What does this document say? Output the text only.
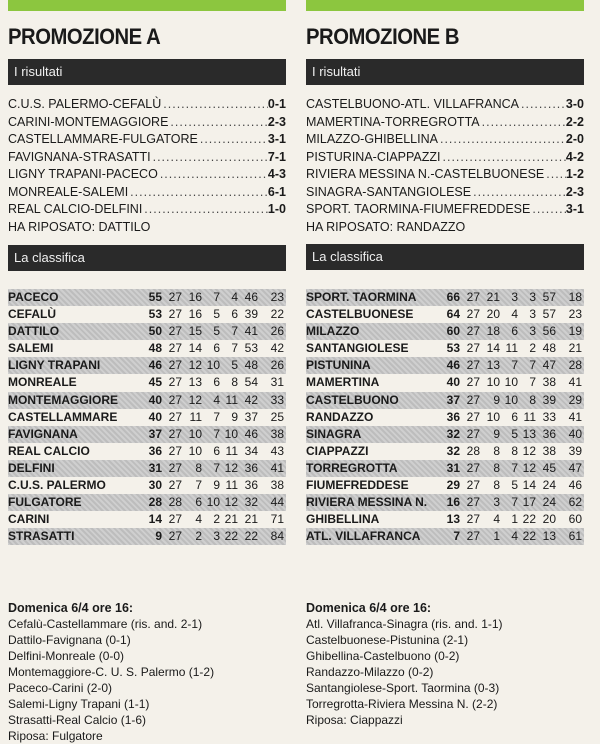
PROMOZIONE A
I risultati
C.U.S. PALERMO-CEFALÙ .....	0-1
CARINI-MONTEMAGGIORE .....	2-3
CASTELLAMMARE-FULGATORE .....	3-1
FAVIGNANA-STRASATTI .....	7-1
LIGNY TRAPANI-PACECO .....	4-3
MONREALE-SALEMI .....	6-1
REAL CALCIO-DELFINI .....	1-0
HA RIPOSATO: DATTILO
La classifica
PACECO	55 27 16 7 4 46	23
CEFALÙ	53 27 16 5 6 39	22
DATTILO	50 27 15 5 7 41	26
SALEMI	48 27 14 6 7 53	42
LIGNY TRAPANI	46 27 12 10 5 48	26
MONREALE	45 27 13 6 8 54	31
MONTEMAGGIORE	40 27 12 4 11 42	33
CASTELLAMMARE	40 27 11 7 9 37	25
FAVIGNANA	37 27 10 7 10 46	38
REAL CALCIO	36 27 10 6 11 34	43
DELFINI	31 27	8 7 12 36	41
C.U.S. PALERMO	30 27	7 9 11 36	38
FULGATORE	28 28	6 10 12 32	44
CARINI	14 27	4 2 21 21	71
STRASATTI	9 27	2 3 22 22	84
Domenica 6/4 ore 16:
Cefalù-Castellammare (ris. and. 2-1)
Dattilo-Favignana (0-1)
Delfini-Monreale (0-0)
Montemaggiore-C. U. S. Palermo (1-2)
Paceco-Carini (2-0)
Salemi-Ligny Trapani (1-1)
Strasatti-Real Calcio (1-6)
Riposa: Fulgatore
PROMOZIONE B
I risultati
CASTELBUONO-ATL. VILLAFRANCA .....	3-0
MAMERTINA-TORREGROTTA .....	2-2
MILAZZO-GHIBELLINA .....	2-0
PISTURINA-CIAPPAZZI .....	4-2
RIVIERA MESSINA N.-CASTELBUONESE ..... 1-2
SINAGRA-SANTANGIOLESE .....	2-3
SPORT. TAORMINA-FIUMEFREDDESE .....	3-1
HA RIPOSATO: RANDAZZO
La classifica
SPORT. TAORMINA	66 27 21 3 3 57	18
CASTELBUONESE	64 27 20 4 3 57	23
MILAZZO	60 27 18 6 3 56	19
SANTANGIOLESE	53 27 14 11 2 48	21
PISTUNINA	46 27 13 7 7 47	28
MAMERTINA	40 27 10 10 7 38	41
CASTELBUONO	37 27	9 10 8 39	29
RANDAZZO	36 27 10 6 11 33	41
SINAGRA	32 27	9 5 13 36	40
CIAPPAZZI	32 28	8 8 12 38	39
TORREGROTTA	31 27	8 7 12 45	47
FIUMEFREDDESE	29 27	8 5 14 24	46
RIVIERA MESSINA N.	16 27	3 7 17 24	62
GHIBELLINA	13 27	4 1 22 20	60
ATL. VILLAFRANCA	7 27	1 4 22 13	61
Domenica 6/4 ore 16:
Atl. Villafranca-Sinagra (ris. and. 1-1)
Castelbuonese-Pistunina (2-1)
Ghibellina-Castelbuono (0-2)
Randazzo-Milazzo (0-2)
Santangiolese-Sport. Taormina (0-3)
Torregrotta-Riviera Messina N. (2-2)
Riposa: Ciappazzi
